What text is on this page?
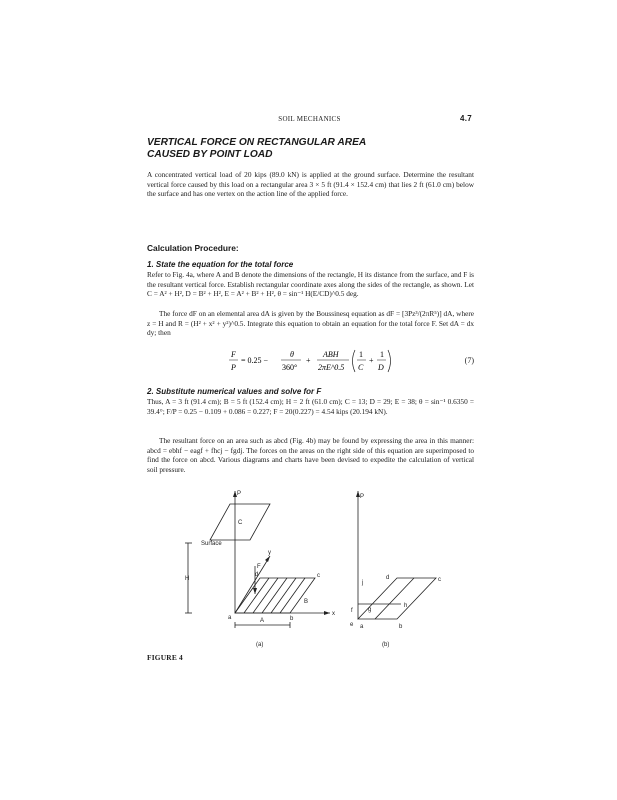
SOIL MECHANICS	4.7
VERTICAL FORCE ON RECTANGULAR AREA
CAUSED BY POINT LOAD
A concentrated vertical load of 20 kips (89.0 kN) is applied at the ground surface. Determine the resultant vertical force caused by this load on a rectangular area 3 × 5 ft (91.4 × 152.4 cm) that lies 2 ft (61.0 cm) below the surface and has one vertex on the action line of the applied force.
Calculation Procedure:
1. State the equation for the total force
Refer to Fig. 4a, where A and B denote the dimensions of the rectangle, H its distance from the surface, and F is the resultant vertical force. Establish rectangular coordinate axes along the sides of the rectangle, as shown. Let C = A² + H², D = B² + H², E = A² + B² + H², θ = sin⁻¹ H(E/CD)^0.5 deg.
The force dF on an elemental area dA is given by the Boussinesq equation as dF = [3Pz³/(2πR⁵)] dA, where z = H and R = (H² + x² + y²)^0.5. Integrate this equation to obtain an equation for the total force F. Set dA = dx dy; then
F
P
= 0.25 −
θ
360°
+
ABH
2πE^0.5
1
C
+
1
D
(7)
2. Substitute numerical values and solve for F
Thus, A = 3 ft (91.4 cm); B = 5 ft (152.4 cm); H = 2 ft (61.0 cm); C = 13; D = 29; E = 38; θ = sin⁻¹ 0.6350 = 39.4°; F/P = 0.25 − 0.109 + 0.086 = 0.227; F = 20(0.227) = 4.54 kips (20.194 kN).
The resultant force on an area such as abcd (Fig. 4b) may be found by expressing the area in this manner: abcd = ebhf − eagf + fhcj − fgdj. The forces on the areas on the right side of this equation are superimposed to find the force on abcd. Various diagrams and charts have been devised to expedite the calculation of vertical soil pressure.
P
C
Surface
H
x
y
F
d	c
B
a	A	b
(a)
P
j
d	c
f	g
h
e a	b
(b)
FIGURE 4
